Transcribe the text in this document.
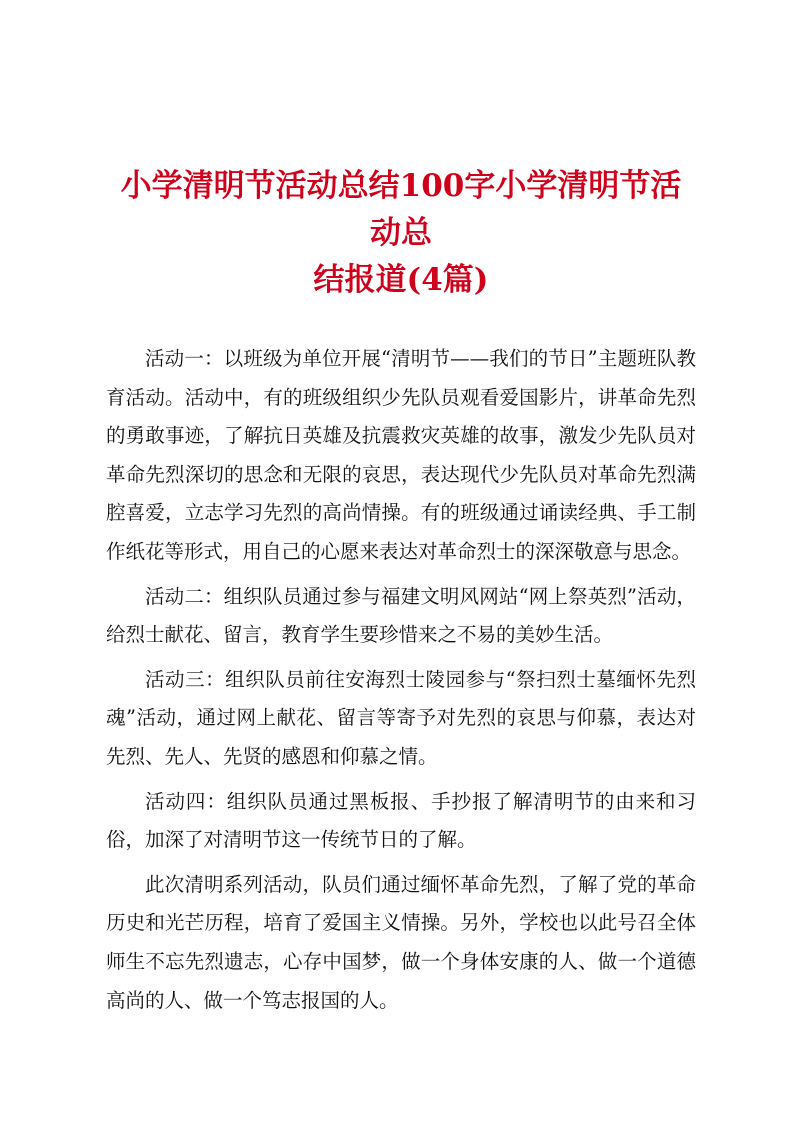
小学清明节活动总结100字小学清明节活动总
结报道(4篇)

活动一：以班级为单位开展“清明节——我们的节日”主题班队教育活动。活动中，有的班级组织少先队员观看爱国影片，讲革命先烈的勇敢事迹，了解抗日英雄及抗震救灾英雄的故事，激发少先队员对革命先烈深切的思念和无限的哀思，表达现代少先队员对革命先烈满腔喜爱，立志学习先烈的高尚情操。有的班级通过诵读经典、手工制作纸花等形式，用自己的心愿来表达对革命烈士的深深敬意与思念。

活动二：组织队员通过参与福建文明风网站“网上祭英烈”活动，给烈士献花、留言，教育学生要珍惜来之不易的美妙生活。

活动三：组织队员前往安海烈士陵园参与“祭扫烈士墓缅怀先烈魂”活动，通过网上献花、留言等寄予对先烈的哀思与仰慕，表达对先烈、先人、先贤的感恩和仰慕之情。

活动四：组织队员通过黑板报、手抄报了解清明节的由来和习俗，加深了对清明节这一传统节日的了解。

此次清明系列活动，队员们通过缅怀革命先烈，了解了党的革命历史和光芒历程，培育了爱国主义情操。另外，学校也以此号召全体师生不忘先烈遗志，心存中国梦，做一个身体安康的人、做一个道德高尚的人、做一个笃志报国的人。
